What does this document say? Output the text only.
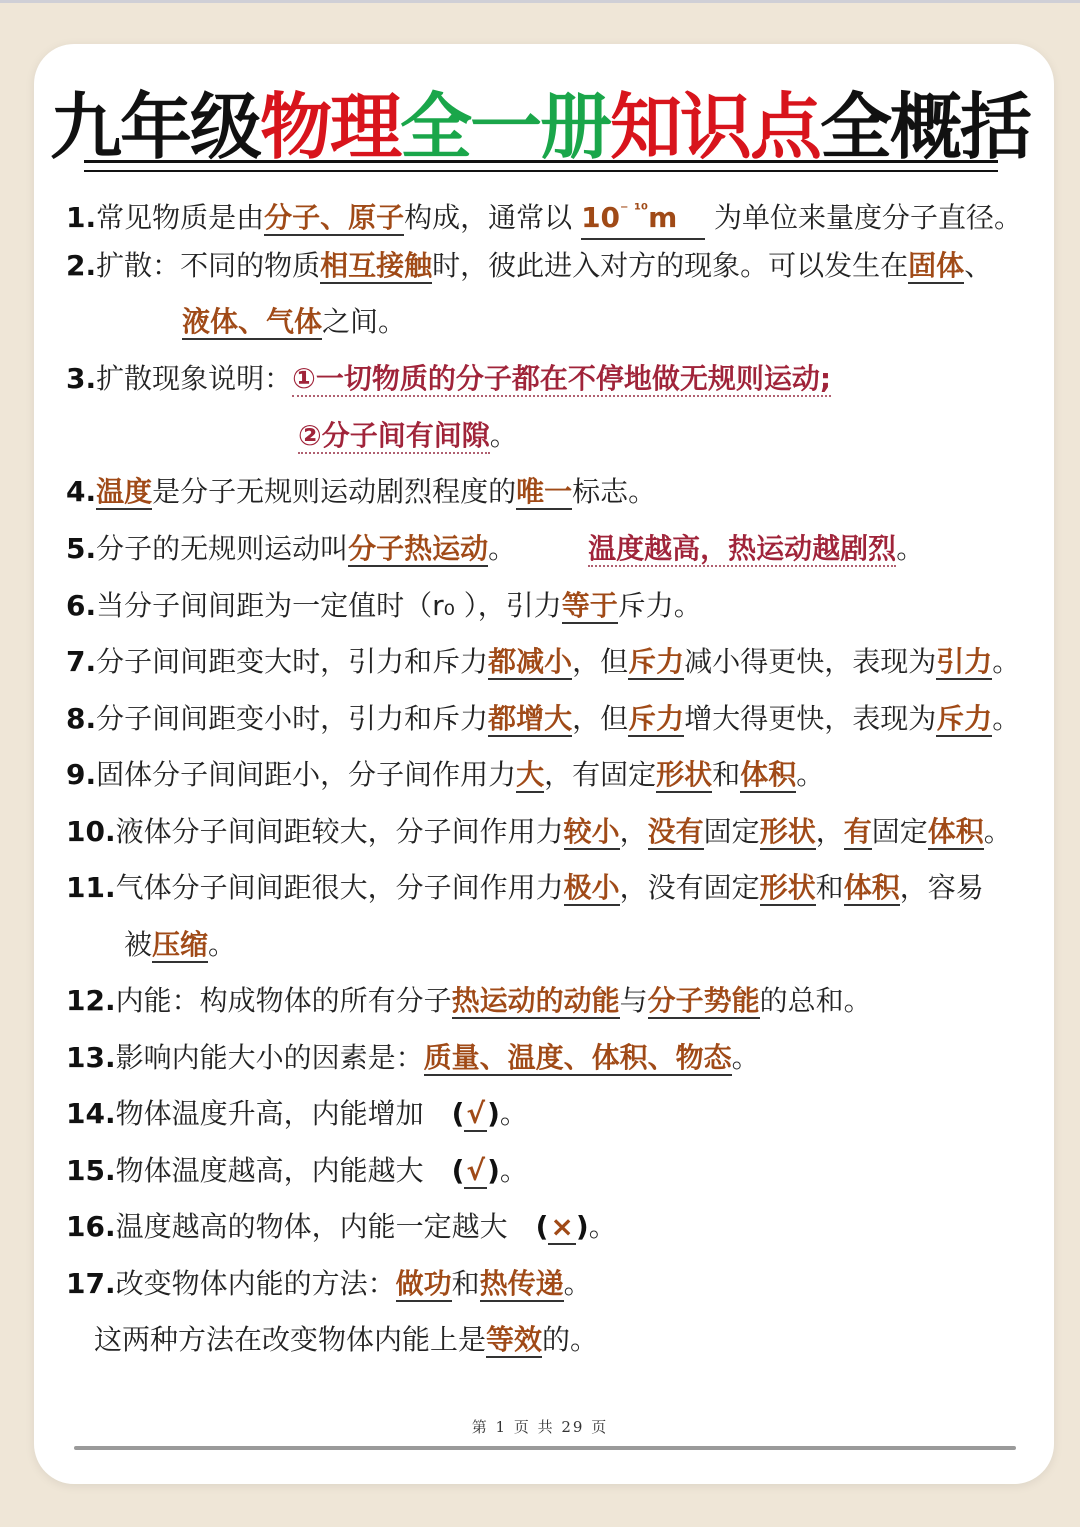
九年级物理全一册知识点全概括
1.常见物质是由分子、原子构成，通常以 $10^{^- ^{10}}m$ 为单位来量度分子直径。
2.扩散：不同的物质相互接触时，彼此进入对方的现象。可以发生在固体、
液体、气体之间。
3.扩散现象说明：①一切物质的分子都在不停地做无规则运动;
②分子间有间隙。
4.温度是分子无规则运动剧烈程度的唯一标志。
5.分子的无规则运动叫分子热运动。	温度越高，热运动越剧烈。
6.当分子间间距为一定值时（r₀ ），引力等于斥力。
7.分子间间距变大时，引力和斥力都减小，但斥力减小得更快，表现为引力。
8.分子间间距变小时，引力和斥力都增大，但斥力增大得更快，表现为斥力。
9.固体分子间间距小，分子间作用力大，有固定形状和体积。
10.液体分子间间距较大，分子间作用力较小，没有固定形状，有固定体积。
11.气体分子间间距很大，分子间作用力极小，没有固定形状和体积，容易
被压缩。
12.内能：构成物体的所有分子热运动的动能与分子势能的总和。
13.影响内能大小的因素是：质量、温度、体积、物态。
14.物体温度升高，内能增加　(√)。
15.物体温度越高，内能越大　(√)。
16.温度越高的物体，内能一定越大　(×)。
17.改变物体内能的方法：做功和热传递。
这两种方法在改变物体内能上是等效的。
第 1 页 共 29 页
